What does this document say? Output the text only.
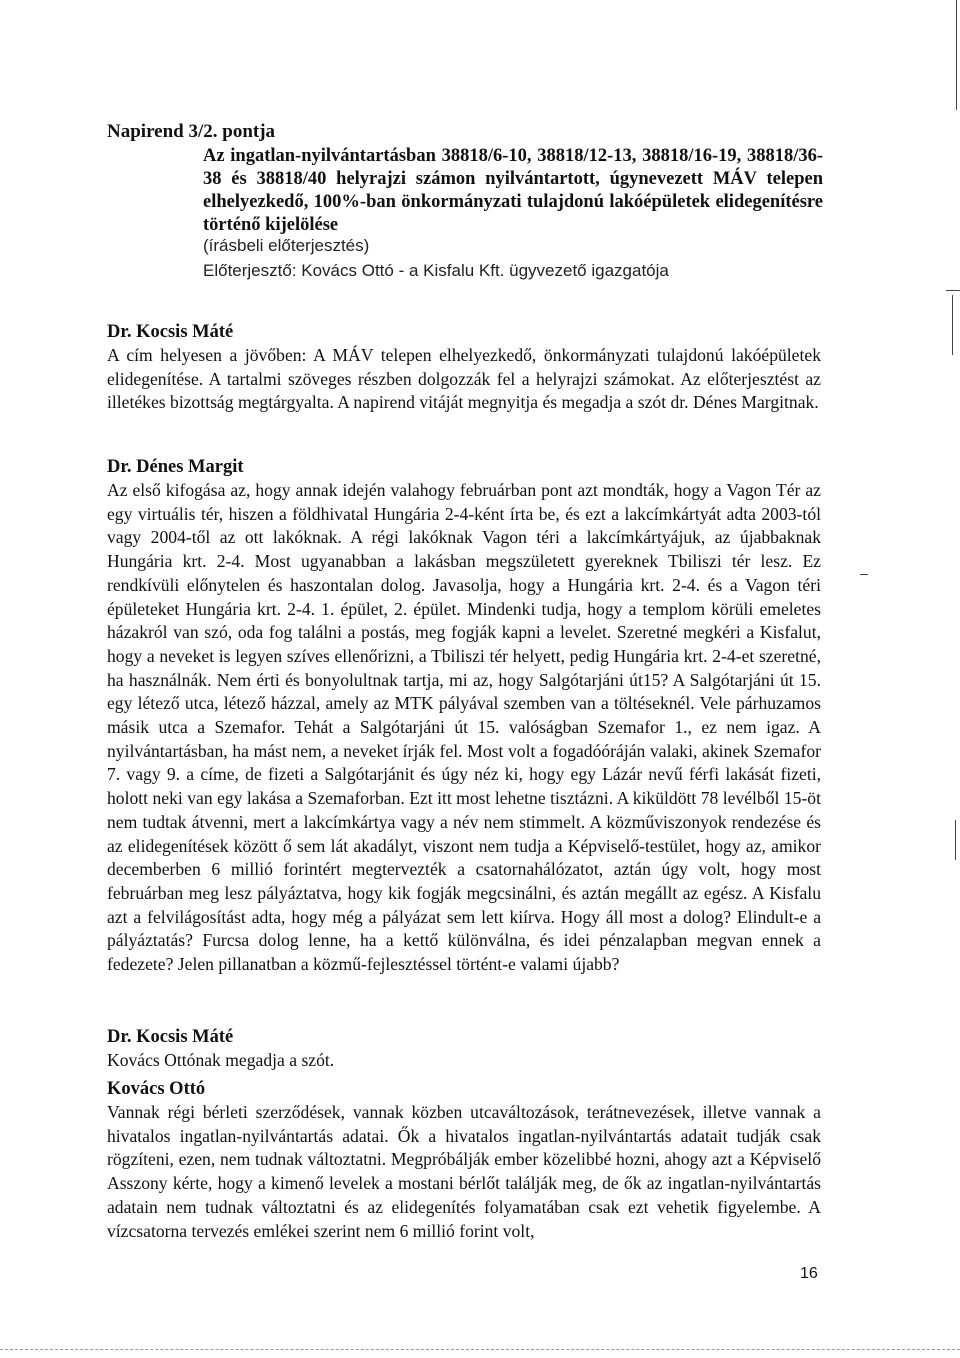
Napirend 3/2. pontja
Az ingatlan-nyilvántartásban 38818/6-10, 38818/12-13, 38818/16-19, 38818/36-38 és 38818/40 helyrajzi számon nyilvántartott, úgynevezett MÁV telepen elhelyezkedő, 100%-ban önkormányzati tulajdonú lakóépületek elidegenítésre történő kijelölése
(írásbeli előterjesztés)
Előterjesztő: Kovács Ottó - a Kisfalu Kft. ügyvezető igazgatója

Dr. Kocsis Máté

A cím helyesen a jövőben: A MÁV telepen elhelyezkedő, önkormányzati tulajdonú lakóépületek elidegenítése. A tartalmi szöveges részben dolgozzák fel a helyrajzi számokat. Az előterjesztést az illetékes bizottság megtárgyalta. A napirend vitáját megnyitja és megadja a szót dr. Dénes Margitnak.

Dr. Dénes Margit

Az első kifogása az, hogy annak idején valahogy februárban pont azt mondták, hogy a Vagon Tér az egy virtuális tér, hiszen a földhivatal Hungária 2-4-ként írta be, és ezt a lakcímkártyát adta 2003-tól vagy 2004-től az ott lakóknak. A régi lakóknak Vagon téri a lakcímkártyájuk, az újabbaknak Hungária krt. 2-4. Most ugyanabban a lakásban megszületett gyereknek Tbiliszi tér lesz. Ez rendkívüli előnytelen és haszontalan dolog. Javasolja, hogy a Hungária krt. 2-4. és a Vagon téri épületeket Hungária krt. 2-4. 1. épület, 2. épület. Mindenki tudja, hogy a templom körüli emeletes házakról van szó, oda fog találni a postás, meg fogják kapni a levelet. Szeretné megkéri a Kisfalut, hogy a neveket is legyen szíves ellenőrizni, a Tbiliszi tér helyett, pedig Hungária krt. 2-4-et szeretné, ha használnák. Nem érti és bonyolultnak tartja, mi az, hogy Salgótarjáni út15? A Salgótarjáni út 15. egy létező utca, létező házzal, amely az MTK pályával szemben van a töltéseknél. Vele párhuzamos másik utca a Szemafor. Tehát a Salgótarjáni út 15. valóságban Szemafor 1., ez nem igaz. A nyilvántartásban, ha mást nem, a neveket írják fel. Most volt a fogadóóráján valaki, akinek Szemafor 7. vagy 9. a címe, de fizeti a Salgótarjánit és úgy néz ki, hogy egy Lázár nevű férfi lakását fizeti, holott neki van egy lakása a Szemaforban. Ezt itt most lehetne tisztázni. A kiküldött 78 levélből 15-öt nem tudtak átvenni, mert a lakcímkártya vagy a név nem stimmelt. A közműviszonyok rendezése és az elidegenítések között ő sem lát akadályt, viszont nem tudja a Képviselő-testület, hogy az, amikor decemberben 6 millió forintért megtervezték a csatornahálózatot, aztán úgy volt, hogy most februárban meg lesz pályáztatva, hogy kik fogják megcsinálni, és aztán megállt az egész. A Kisfalu azt a felvilágosítást adta, hogy még a pályázat sem lett kiírva. Hogy áll most a dolog? Elindult-e a pályáztatás? Furcsa dolog lenne, ha a kettő különválna, és idei pénzalapban megvan ennek a fedezete? Jelen pillanatban a közmű-fejlesztéssel történt-e valami újabb?

Dr. Kocsis Máté

Kovács Ottónak megadja a szót.

Kovács Ottó

Vannak régi bérleti szerződések, vannak közben utcaváltozások, terátnevezések, illetve vannak a hivatalos ingatlan-nyilvántartás adatai. Ők a hivatalos ingatlan-nyilvántartás adatait tudják csak rögzíteni, ezen, nem tudnak változtatni. Megpróbálják ember közelibbé hozni, ahogy azt a Képviselő Asszony kérte, hogy a kimenő levelek a mostani bérlőt találják meg, de ők az ingatlan-nyilvántartás adatain nem tudnak változtatni és az elidegenítés folyamatában csak ezt vehetik figyelembe. A vízcsatorna tervezés emlékei szerint nem 6 millió forint volt,

16
